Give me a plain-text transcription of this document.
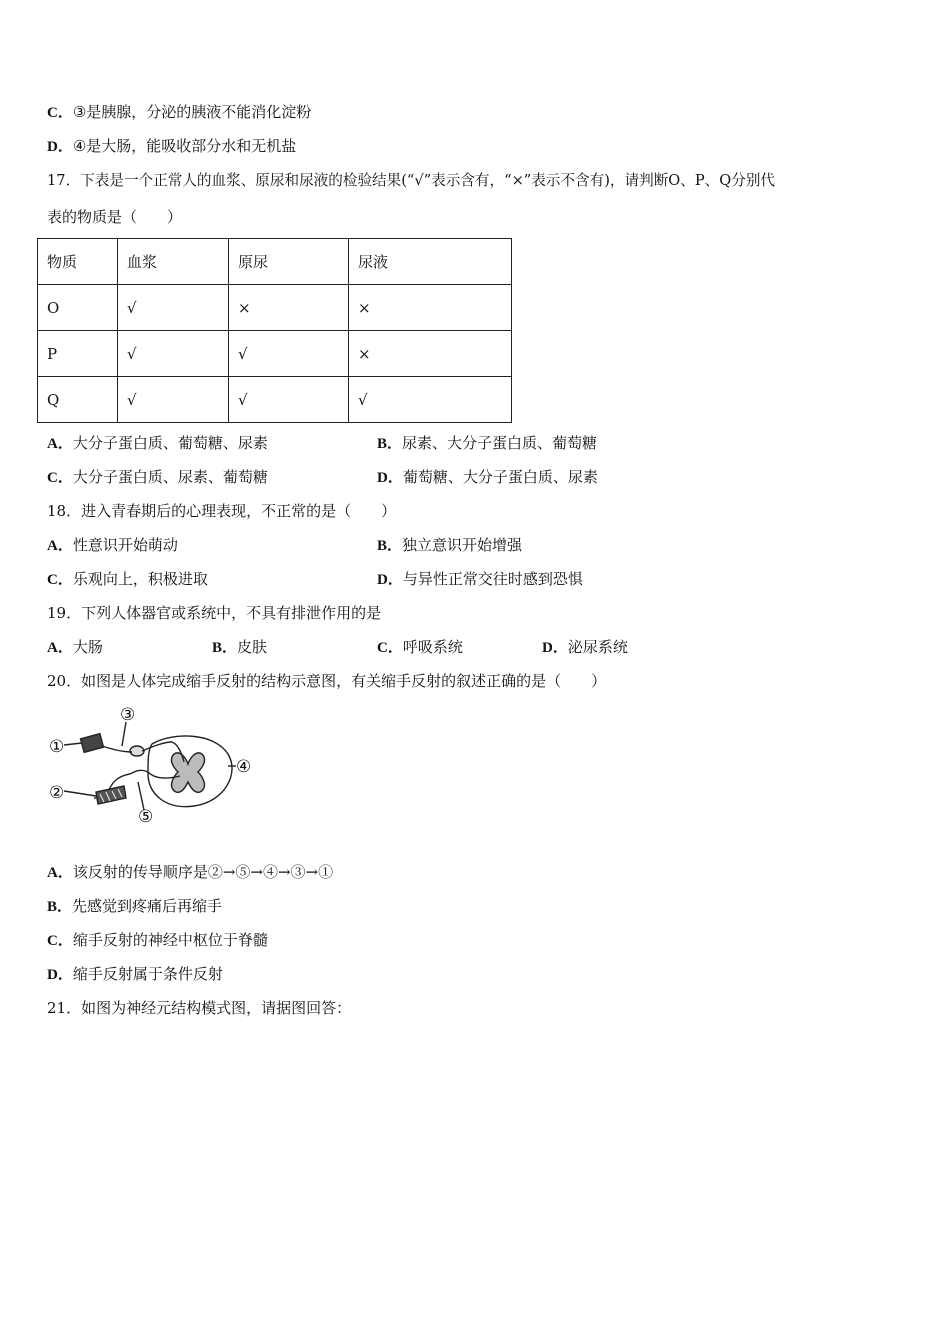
C．③是胰腺，分泌的胰液不能消化淀粉
D．④是大肠，能吸收部分水和无机盐
17．下表是一个正常人的血浆、原尿和尿液的检验结果(“√”表示含有，“×”表示不含有)，请判断O、P、Q分别代
表的物质是（　　）
物质	血浆	原尿	尿液
O	√	×	×
P	√	√	×
Q	√	√	√
A．大分子蛋白质、葡萄糖、尿素	B．尿素、大分子蛋白质、葡萄糖
C．大分子蛋白质、尿素、葡萄糖	D．葡萄糖、大分子蛋白质、尿素
18．进入青春期后的心理表现，不正常的是（　　）
A．性意识开始萌动	B．独立意识开始增强
C．乐观向上，积极进取	D．与异性正常交往时感到恐惧
19．下列人体器官或系统中，不具有排泄作用的是
A．大肠	B．皮肤	C．呼吸系统	D．泌尿系统
20．如图是人体完成缩手反射的结构示意图，有关缩手反射的叙述正确的是（　　）
①
②
③
④
⑤
A．该反射的传导顺序是②→⑤→④→③→①
B．先感觉到疼痛后再缩手
C．缩手反射的神经中枢位于脊髓
D．缩手反射属于条件反射
21．如图为神经元结构模式图，请据图回答：
